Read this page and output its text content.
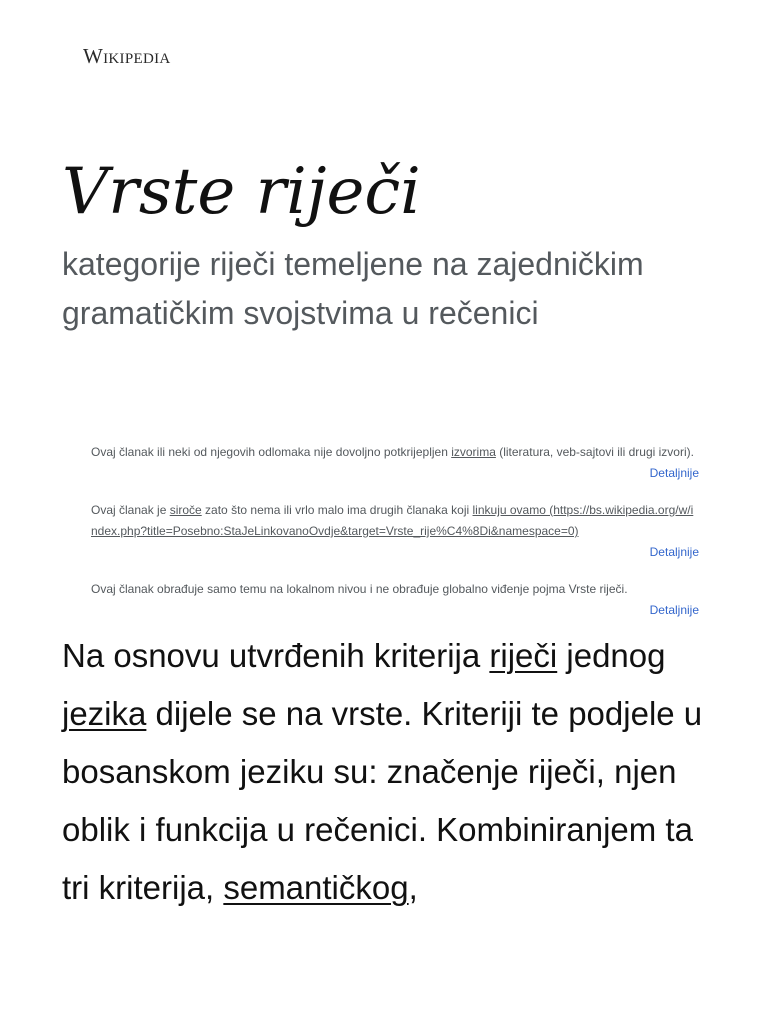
Wikipedia
Vrste riječi

kategorije riječi temeljene na zajedničkim gramatičkim svojstvima u rečenici

Ovaj članak ili neki od njegovih odlomaka nije dovoljno potkrijepljen izvorima (literatura, veb-sajtovi ili drugi izvori).

Detaljnije

Ovaj članak je siroče zato što nema ili vrlo malo ima drugih članaka koji linkuju ovamo (https://bs.wikipedia.org/w/index.php?title=Posebno:StaJeLinkovanoOvdje&target=Vrste_rije%C4%8Di&namespace=0)

Detaljnije

Ovaj članak obrađuje samo temu na lokalnom nivou i ne obrađuje globalno viđenje pojma Vrste riječi.

Detaljnije

Na osnovu utvrđenih kriterija riječi jednog jezika dijele se na vrste. Kriteriji te podjele u bosanskom jeziku su: značenje riječi, njen oblik i funkcija u rečenici. Kombiniranjem ta tri kriterija, semantičkog,
